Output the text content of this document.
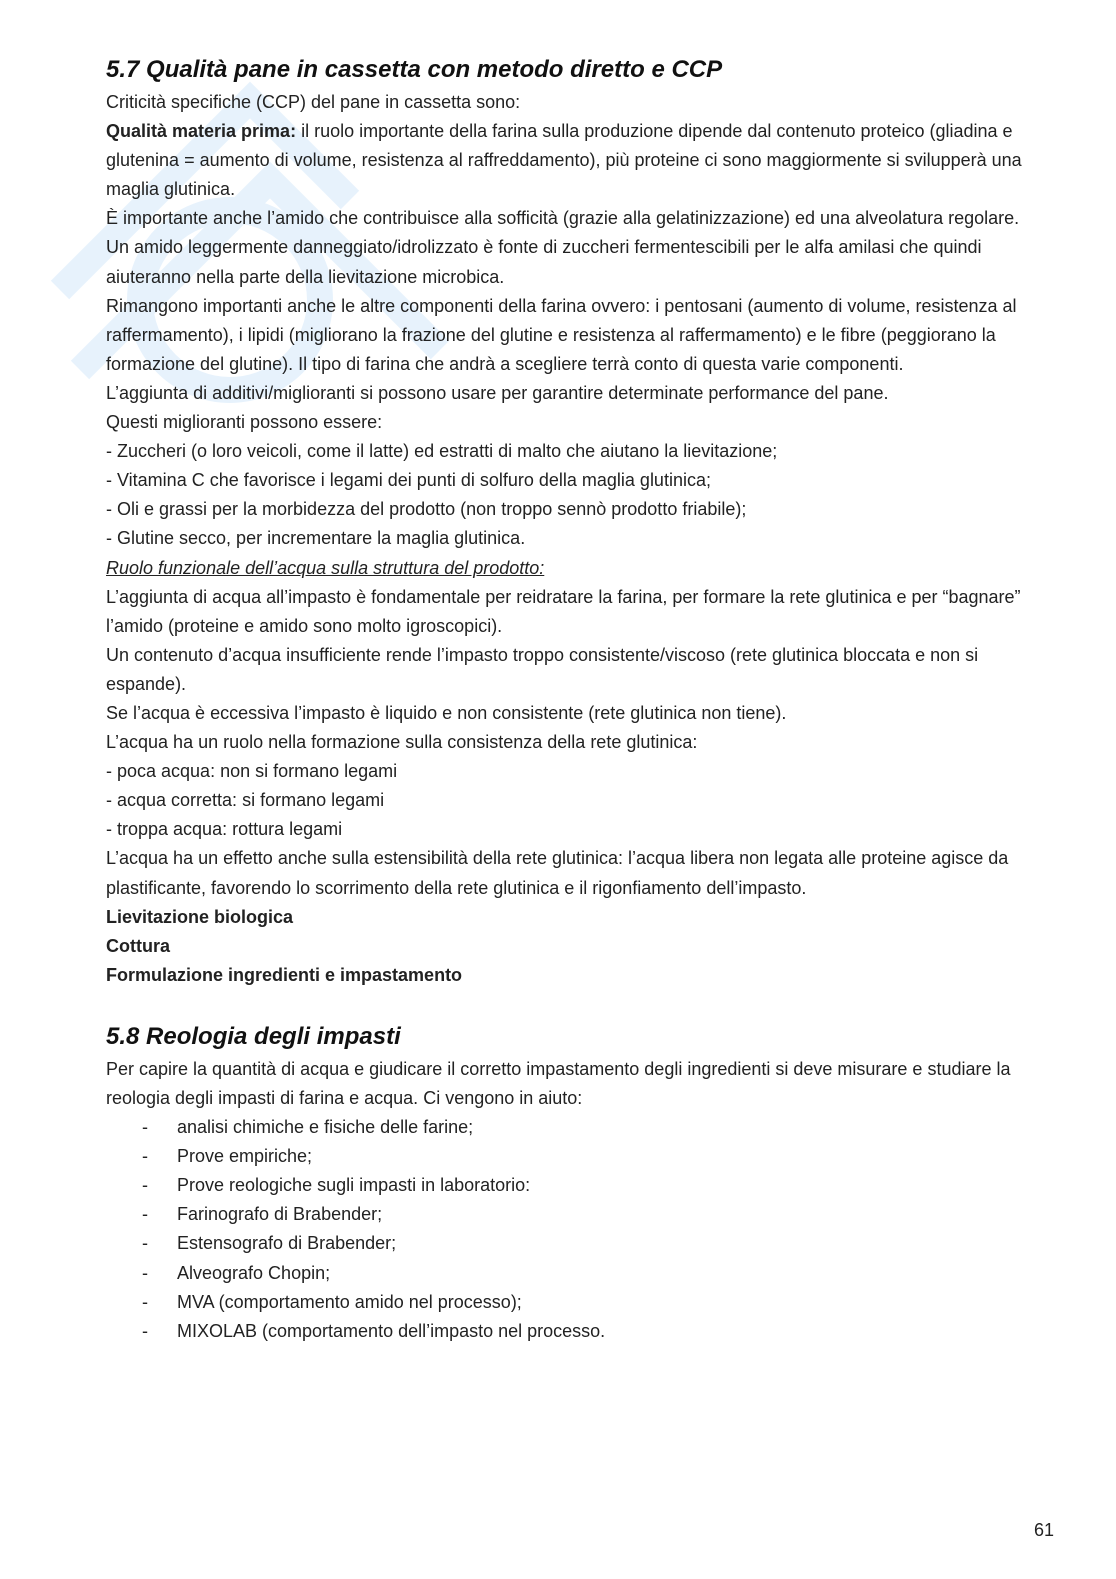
5.7 Qualità pane in cassetta con metodo diretto e CCP

Criticità specifiche (CCP) del pane in cassetta sono:

Qualità materia prima: il ruolo importante della farina sulla produzione dipende dal contenuto proteico (gliadina e glutenina = aumento di volume, resistenza al raffreddamento), più proteine ci sono maggiormente si svilupperà una maglia glutinica.

È importante anche l’amido che contribuisce alla sofficità (grazie alla gelatinizzazione) ed una alveolatura regolare. Un amido leggermente danneggiato/idrolizzato è fonte di zuccheri fermentescibili per le alfa amilasi che quindi aiuteranno nella parte della lievitazione microbica.

Rimangono importanti anche le altre componenti della farina ovvero: i pentosani (aumento di volume, resistenza al raffermamento), i lipidi (migliorano la frazione del glutine e resistenza al raffermamento) e le fibre (peggiorano la formazione del glutine). Il tipo di farina che andrà a scegliere terrà conto di questa varie componenti.

L’aggiunta di additivi/miglioranti si possono usare per garantire determinate performance del pane.

Questi miglioranti possono essere:

- Zuccheri (o loro veicoli, come il latte) ed estratti di malto che aiutano la lievitazione;

- Vitamina C che favorisce i legami dei punti di solfuro della maglia glutinica;

- Oli e grassi per la morbidezza del prodotto (non troppo sennò prodotto friabile);

- Glutine secco, per incrementare la maglia glutinica.

Ruolo funzionale dell’acqua sulla struttura del prodotto:

L’aggiunta di acqua all’impasto è fondamentale per reidratare la farina, per formare la rete glutinica e per “bagnare” l’amido (proteine e amido sono molto igroscopici).

Un contenuto d’acqua insufficiente rende l’impasto troppo consistente/viscoso (rete glutinica bloccata e non si espande).

Se l’acqua è eccessiva l’impasto è liquido e non consistente (rete glutinica non tiene).

L’acqua ha un ruolo nella formazione sulla consistenza della rete glutinica:

- poca acqua: non si formano legami

- acqua corretta: si formano legami

- troppa acqua: rottura legami

L’acqua ha un effetto anche sulla estensibilità della rete glutinica: l’acqua libera non legata alle proteine agisce da plastificante, favorendo lo scorrimento della rete glutinica e il rigonfiamento dell’impasto.

Lievitazione biologica

Cottura

Formulazione ingredienti e impastamento

5.8 Reologia degli impasti

Per capire la quantità di acqua e giudicare il corretto impastamento degli ingredienti si deve misurare e studiare la reologia degli impasti di farina e acqua. Ci vengono in aiuto:

- analisi chimiche e fisiche delle farine;
- Prove empiriche;
- Prove reologiche sugli impasti in laboratorio:
- Farinografo di Brabender;
- Estensografo di Brabender;
- Alveografo Chopin;
- MVA (comportamento amido nel processo);
- MIXOLAB (comportamento dell’impasto nel processo.
61
